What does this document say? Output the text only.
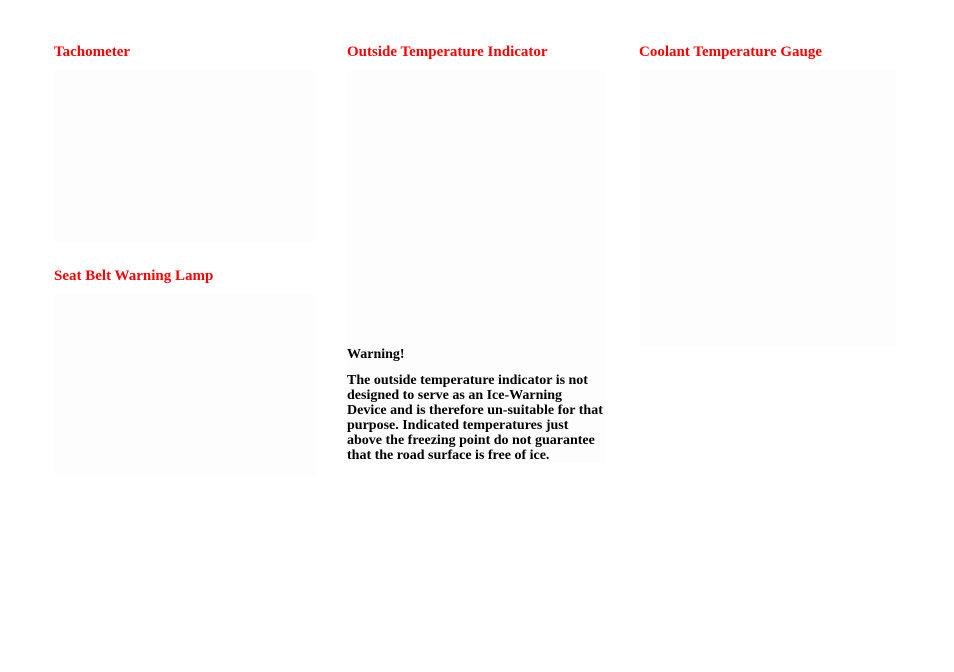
Tachometer
Seat Belt Warning Lamp
Outside Temperature Indicator

Warning!

The outside temperature indicator is not designed to serve as an Ice-Warning Device and is therefore un-suitable for that purpose. Indicated temperatures just above the freezing point do not guarantee that the road surface is free of ice.

Coolant Temperature Gauge
